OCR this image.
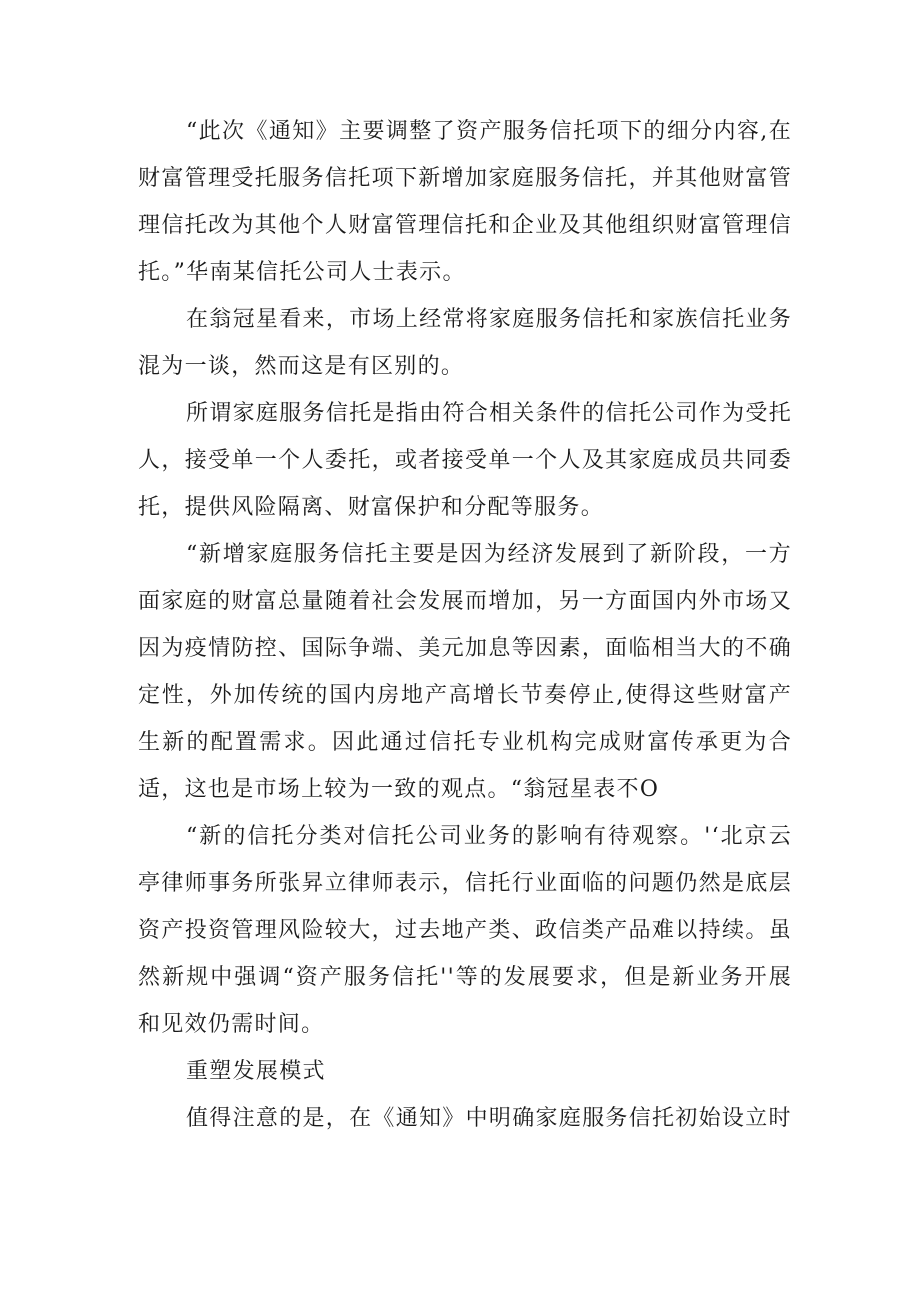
“此次《通知》主要调整了资产服务信托项下的细分内容,在财富管理受托服务信托项下新增加家庭服务信托，并其他财富管理信托改为其他个人财富管理信托和企业及其他组织财富管理信托。”华南某信托公司人士表示。

在翁冠星看来，市场上经常将家庭服务信托和家族信托业务混为一谈，然而这是有区别的。

所谓家庭服务信托是指由符合相关条件的信托公司作为受托人，接受单一个人委托，或者接受单一个人及其家庭成员共同委托，提供风险隔离、财富保护和分配等服务。

“新增家庭服务信托主要是因为经济发展到了新阶段，一方面家庭的财富总量随着社会发展而增加，另一方面国内外市场又因为疫情防控、国际争端、美元加息等因素，面临相当大的不确定性，外加传统的国内房地产高增长节奏停止,使得这些财富产生新的配置需求。因此通过信托专业机构完成财富传承更为合适，这也是市场上较为一致的观点。“翁冠星表不O

“新的信托分类对信托公司业务的影响有待观察。'‘北京云亭律师事务所张昇立律师表示，信托行业面临的问题仍然是底层资产投资管理风险较大，过去地产类、政信类产品难以持续。虽然新规中强调“资产服务信托''等的发展要求，但是新业务开展和见效仍需时间。

重塑发展模式

值得注意的是，在《通知》中明确家庭服务信托初始设立时
